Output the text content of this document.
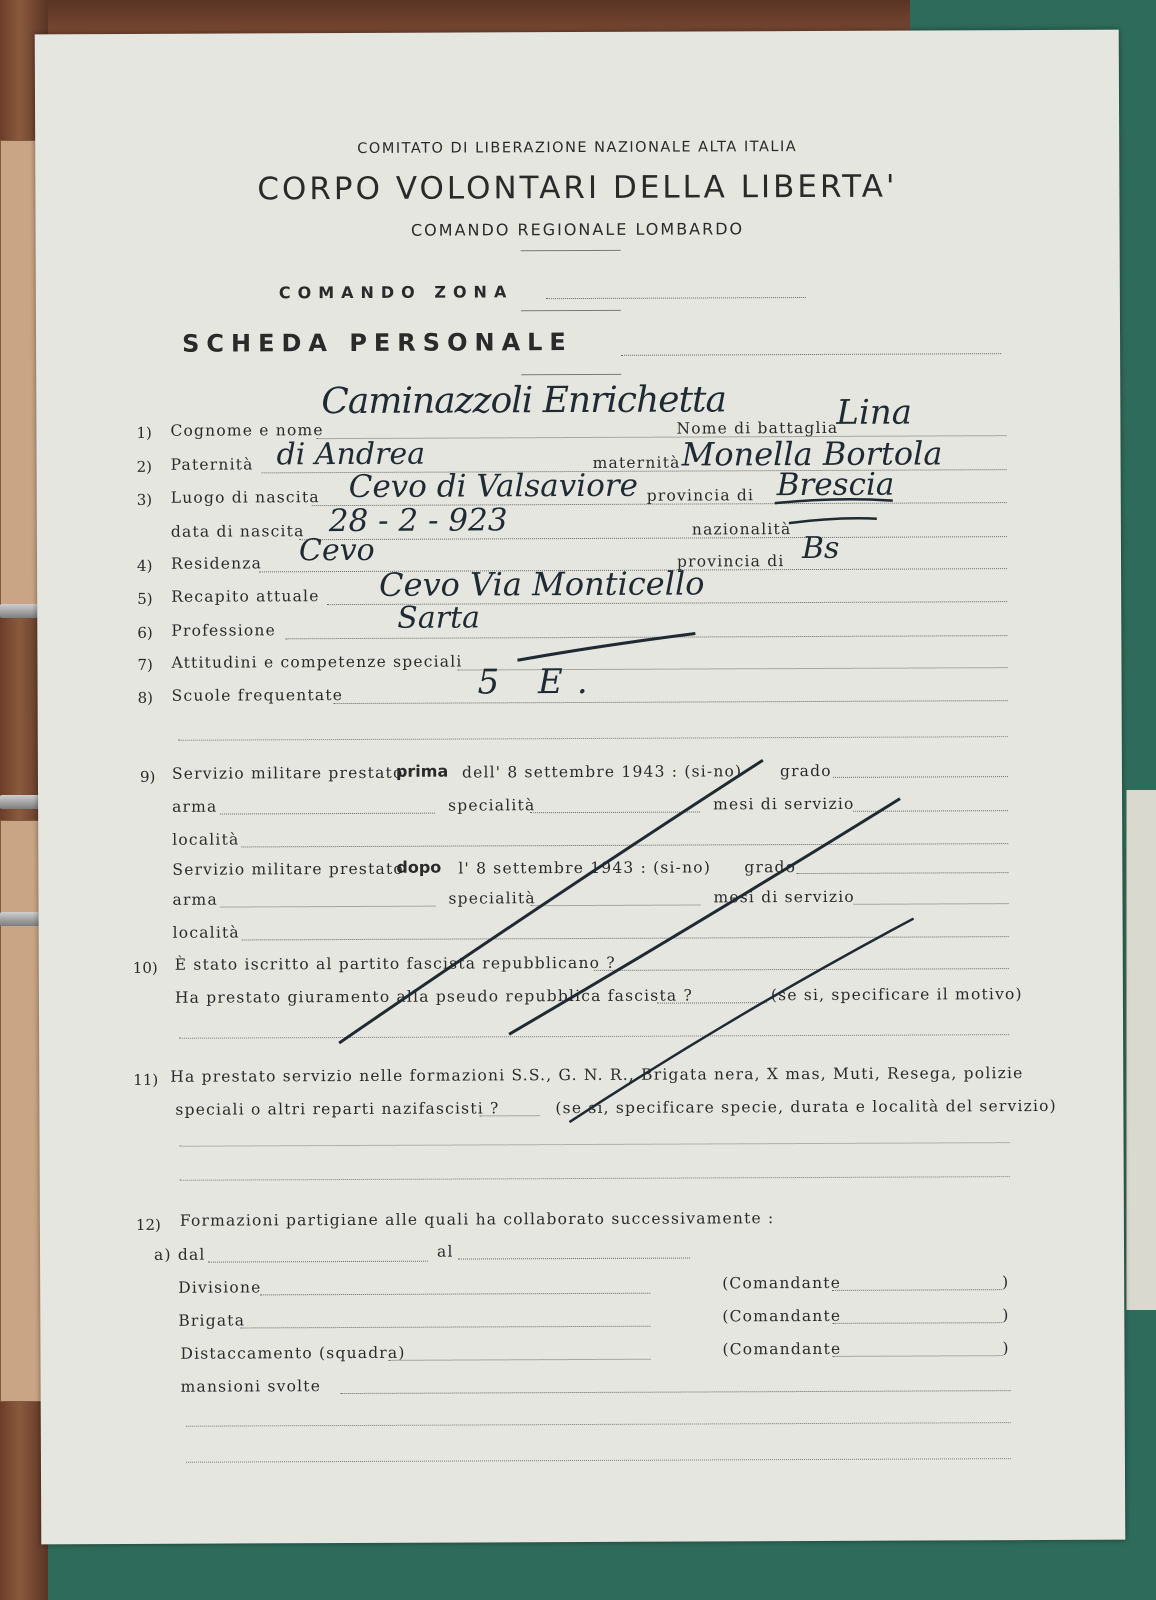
COMITATO DI LIBERAZIONE NAZIONALE ALTA ITALIA
CORPO VOLONTARI DELLA LIBERTA'
COMANDO REGIONALE LOMBARDO
COMANDO ZONA
SCHEDA PERSONALE
1) Cognome e nome	Nome di battaglia
Caminazzoli Enrichetta	Lina
2) Paternità	maternità
di Andrea	Monella Bortola
3) Luogo di nascita	provincia di
Cevo di Valsaviore	Brescia
data di nascita	nazionalità
28 - 2 - 923
4) Residenza	provincia di
Cevo	Bs
5) Recapito attuale Cevo Via Monticello
6) Professione	Sarta
7) Attitudini e competenze speciali
8) Scuole frequentate	5 E.
9) Servizio militare prestato
prima dell' 8 settembre 1943 : (si-no) grado
arma	specialità	mesi di servizio
località
Servizio militare prestato
dopo l' 8 settembre 1943 : (si-no) grado
arma	specialità	mesi di servizio
località
10) È stato iscritto al partito fascista repubblicano ?
Ha prestato giuramento alla pseudo repubblica fascista ?	(se si, specificare il motivo)
11) Ha prestato servizio nelle formazioni S.S., G. N. R., Brigata nera, X mas, Muti, Resega, polizie
speciali o altri reparti nazifascisti ?	(se si, specificare specie, durata e località del servizio)
12) Formazioni partigiane alle quali ha collaborato successivamente :
a) dal	al
Divisione	(Comandante	)
Brigata	(Comandante	)
Distaccamento (squadra)	(Comandante	)
mansioni svolte
